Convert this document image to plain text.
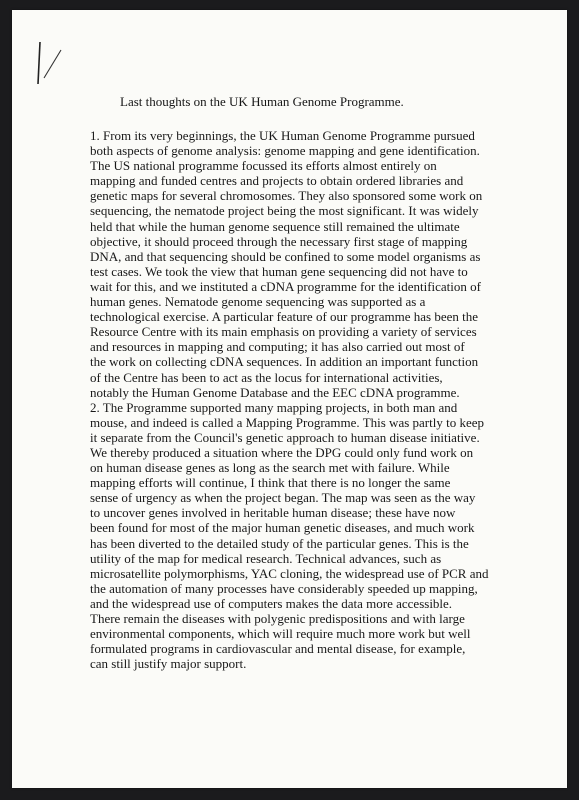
Last thoughts on the UK Human Genome Programme.
1. From its very beginnings, the UK Human Genome Programme pursued
both aspects of genome analysis: genome mapping and gene identification.
The US national programme focussed its efforts almost entirely on
mapping and funded centres and projects to obtain ordered libraries and
genetic maps for several chromosomes. They also sponsored some work on
sequencing, the nematode project being the most significant. It was widely
held that while the human genome sequence still remained the ultimate
objective, it should proceed through the necessary first stage of mapping
DNA, and that sequencing should be confined to some model organisms as
test cases. We took the view that human gene sequencing did not have to
wait for this, and we instituted a cDNA programme for the identification of
human genes. Nematode genome sequencing was supported as a
technological exercise. A particular feature of our programme has been the
Resource Centre with its main emphasis on providing a variety of services
and resources in mapping and computing; it has also carried out most of
the work on collecting cDNA sequences. In addition an important function
of the Centre has been to act as the locus for international activities,
notably the Human Genome Database and the EEC cDNA programme.
2. The Programme supported many mapping projects, in both man and
mouse, and indeed is called a Mapping Programme. This was partly to keep
it separate from the Council's genetic approach to human disease initiative.
We thereby produced a situation where the DPG could only fund work on
on human disease genes as long as the search met with failure. While
mapping efforts will continue, I think that there is no longer the same
sense of urgency as when the project began. The map was seen as the way
to uncover genes involved in heritable human disease; these have now
been found for most of the major human genetic diseases, and much work
has been diverted to the detailed study of the particular genes. This is the
utility of the map for medical research. Technical advances, such as
microsatellite polymorphisms, YAC cloning, the widespread use of PCR and
the automation of many processes have considerably speeded up mapping,
and the widespread use of computers makes the data more accessible.
There remain the diseases with polygenic predispositions and with large
environmental components, which will require much more work but well
formulated programs in cardiovascular and mental disease, for example,
can still justify major support.
